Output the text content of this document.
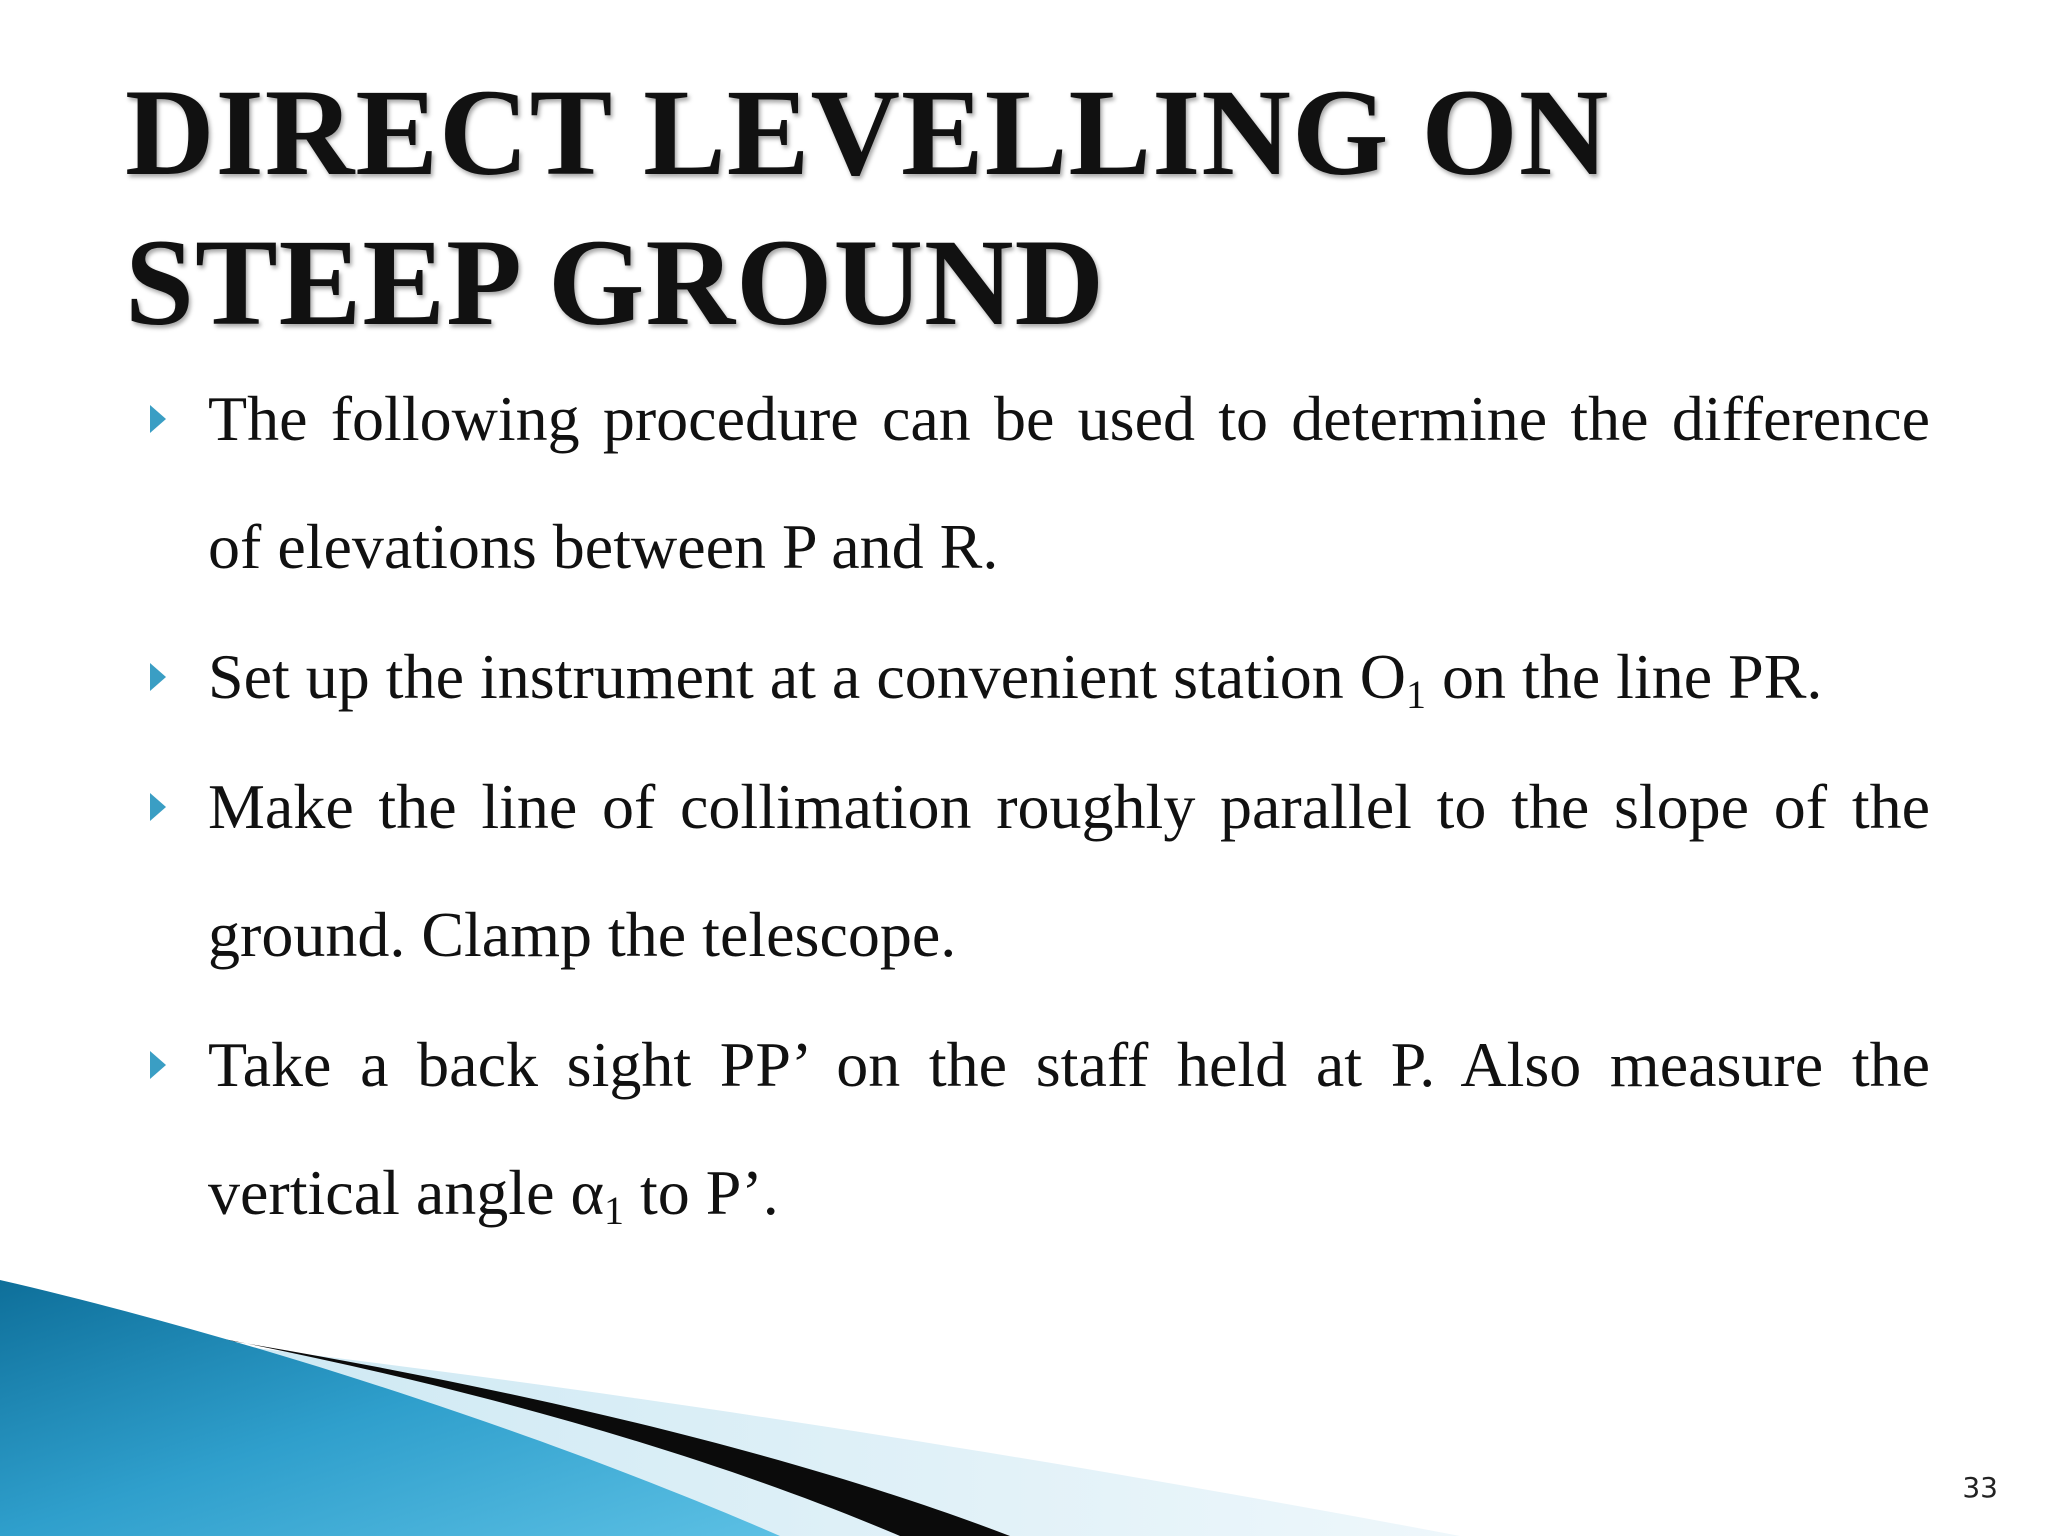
DIRECT LEVELLING ON
STEEP GROUND
The following procedure can be used to determine the difference of elevations between P and R.
Set up the instrument at a convenient station $O_1$ on the line PR.
Make the line of collimation roughly parallel to the slope of the ground. Clamp the telescope.
Take a back sight PP’ on the staff held at P. Also measure the vertical angle $\alpha_1$ to P’.
33
